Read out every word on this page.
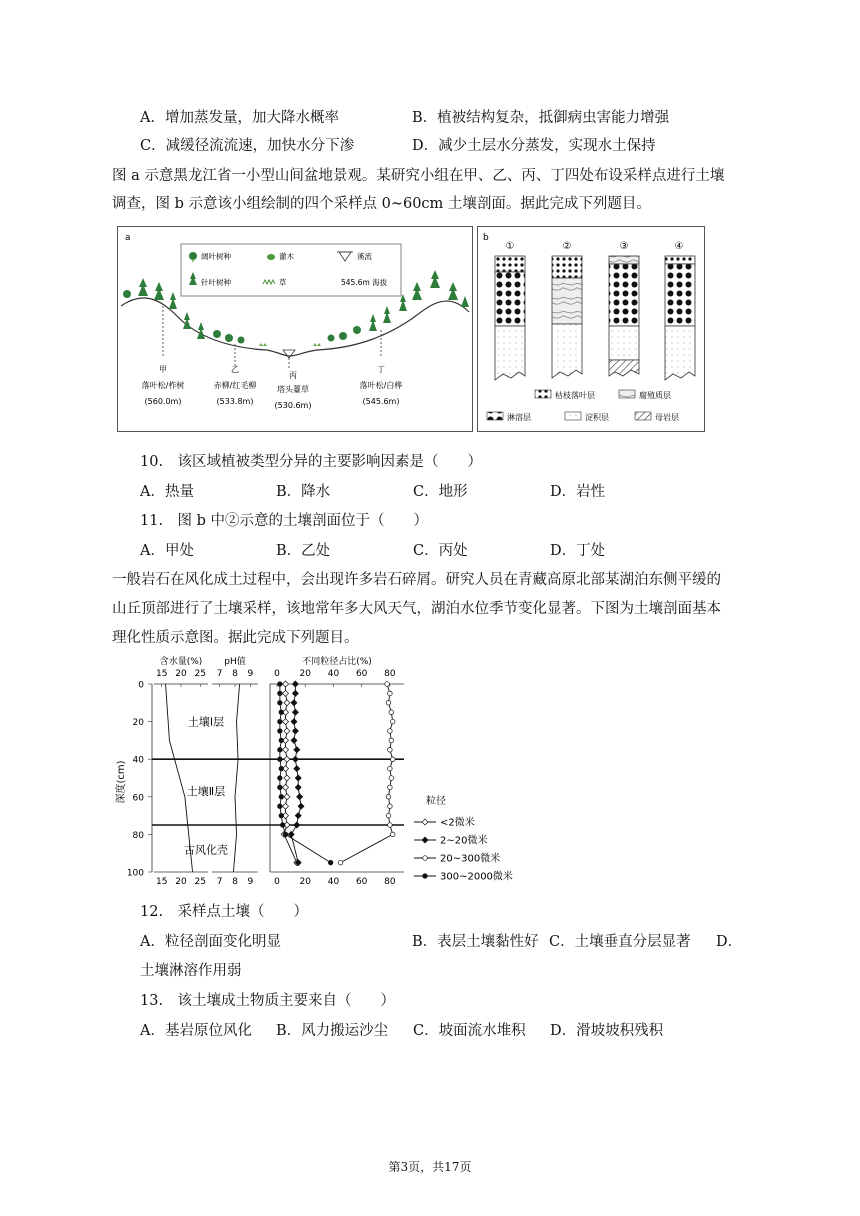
A．增加蒸发量，加大降水概率	B．植被结构复杂，抵御病虫害能力增强
C．减缓径流流速，加快水分下渗	D．减少土层水分蒸发，实现水土保持
图 a 示意黑龙江省一小型山间盆地景观。某研究小组在甲、乙、丙、丁四处布设采样点进行土壤
调查，图 b 示意该小组绘制的四个采样点 0~60cm 土壤剖面。据此完成下列题目。
a
阔叶树种	灌木	溪流
针叶树种	草	545.6m 海拔
甲
落叶松/柞树
(560.0m)
乙
赤柳/红毛柳
(533.8m)
丙
塔头薹草
(530.6m)
丁
落叶松/白桦
(545.6m)
b
①	②	③	④
枯枝落叶层	腐殖质层
淋溶层	淀积层	母岩层
10.　该区域植被类型分异的主要影响因素是（　　）
A．热量	B．降水	C．地形	D．岩性
11.　图 b 中②示意的土壤剖面位于（　　）
A．甲处	B．乙处	C．丙处	D．丁处
一般岩石在风化成土过程中，会出现许多岩石碎屑。研究人员在青藏高原北部某湖泊东侧平缓的
山丘顶部进行了土壤采样，该地常年多大风天气，湖泊水位季节变化显著。下图为土壤剖面基本
理化性质示意图。据此完成下列题目。
深度(cm)
0
20
40
60
80
100
含水量(%)
15
15
20
20
25
25
pH值
7
7
8
8
9
9
不同粒径占比(%)
0
0
20
20
40
40
60
60
80
80
土壤Ⅰ层
土壤Ⅱ层
古风化壳
粒径
<2微米
2~20微米
20~300微米
300~2000微米
12.　采样点土壤（　　）
A．粒径剖面变化明显	B．表层土壤黏性好 C．土壤垂直分层显著 D．
土壤淋溶作用弱
13.　该土壤成土物质主要来自（　　）
A．基岩原位风化 B．风力搬运沙尘 C．坡面流水堆积 D．滑坡坡积残积
第3页，共17页
